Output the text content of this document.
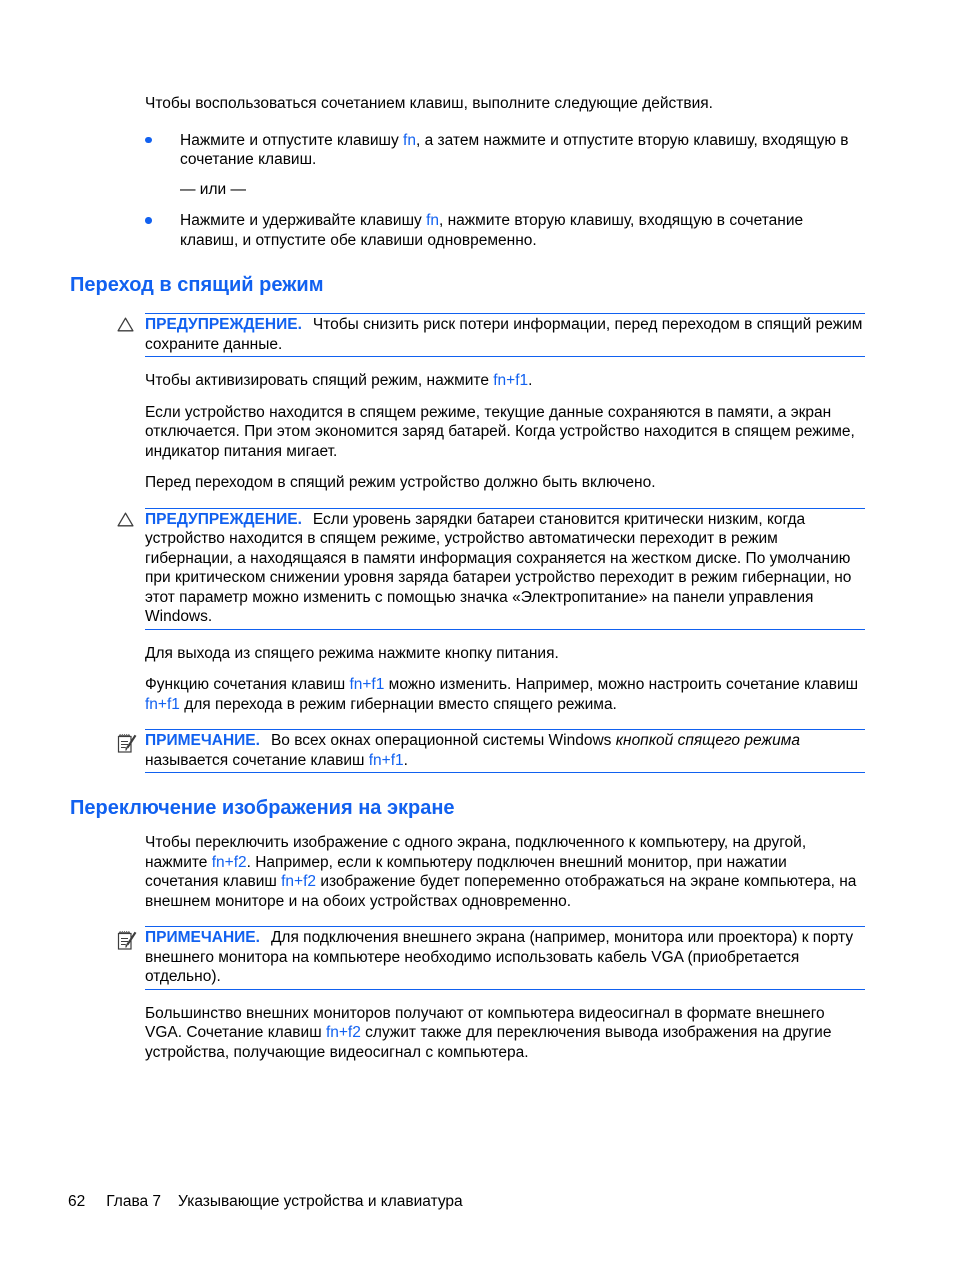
Чтобы воспользоваться сочетанием клавиш, выполните следующие действия.

Нажмите и отпустите клавишу fn, а затем нажмите и отпустите вторую клавишу, входящую в сочетание клавиш.

— или —

Нажмите и удерживайте клавишу fn, нажмите вторую клавишу, входящую в сочетание клавиш, и отпустите обе клавиши одновременно.

Переход в спящий режим

ПРЕДУПРЕЖДЕНИЕ. Чтобы снизить риск потери информации, перед переходом в спящий режим сохраните данные.

Чтобы активизировать спящий режим, нажмите fn+f1.

Если устройство находится в спящем режиме, текущие данные сохраняются в памяти, а экран отключается. При этом экономится заряд батарей. Когда устройство находится в спящем режиме, индикатор питания мигает.

Перед переходом в спящий режим устройство должно быть включено.

ПРЕДУПРЕЖДЕНИЕ. Если уровень зарядки батареи становится критически низким, когда устройство находится в спящем режиме, устройство автоматически переходит в режим гибернации, а находящаяся в памяти информация сохраняется на жестком диске. По умолчанию при критическом снижении уровня заряда батареи устройство переходит в режим гибернации, но этот параметр можно изменить с помощью значка «Электропитание» на панели управления Windows.

Для выхода из спящего режима нажмите кнопку питания.

Функцию сочетания клавиш fn+f1 можно изменить. Например, можно настроить сочетание клавиш fn+f1 для перехода в режим гибернации вместо спящего режима.

ПРИМЕЧАНИЕ. Во всех окнах операционной системы Windows кнопкой спящего режима называется сочетание клавиш fn+f1.

Переключение изображения на экране

Чтобы переключить изображение с одного экрана, подключенного к компьютеру, на другой, нажмите fn+f2. Например, если к компьютеру подключен внешний монитор, при нажатии сочетания клавиш fn+f2 изображение будет попеременно отображаться на экране компьютера, на внешнем мониторе и на обоих устройствах одновременно.

ПРИМЕЧАНИЕ. Для подключения внешнего экрана (например, монитора или проектора) к порту внешнего монитора на компьютере необходимо использовать кабель VGA (приобретается отдельно).

Большинство внешних мониторов получают от компьютера видеосигнал в формате внешнего VGA. Сочетание клавиш fn+f2 служит также для переключения вывода изображения на другие устройства, получающие видеосигнал с компьютера.

62 Глава 7 Указывающие устройства и клавиатура
